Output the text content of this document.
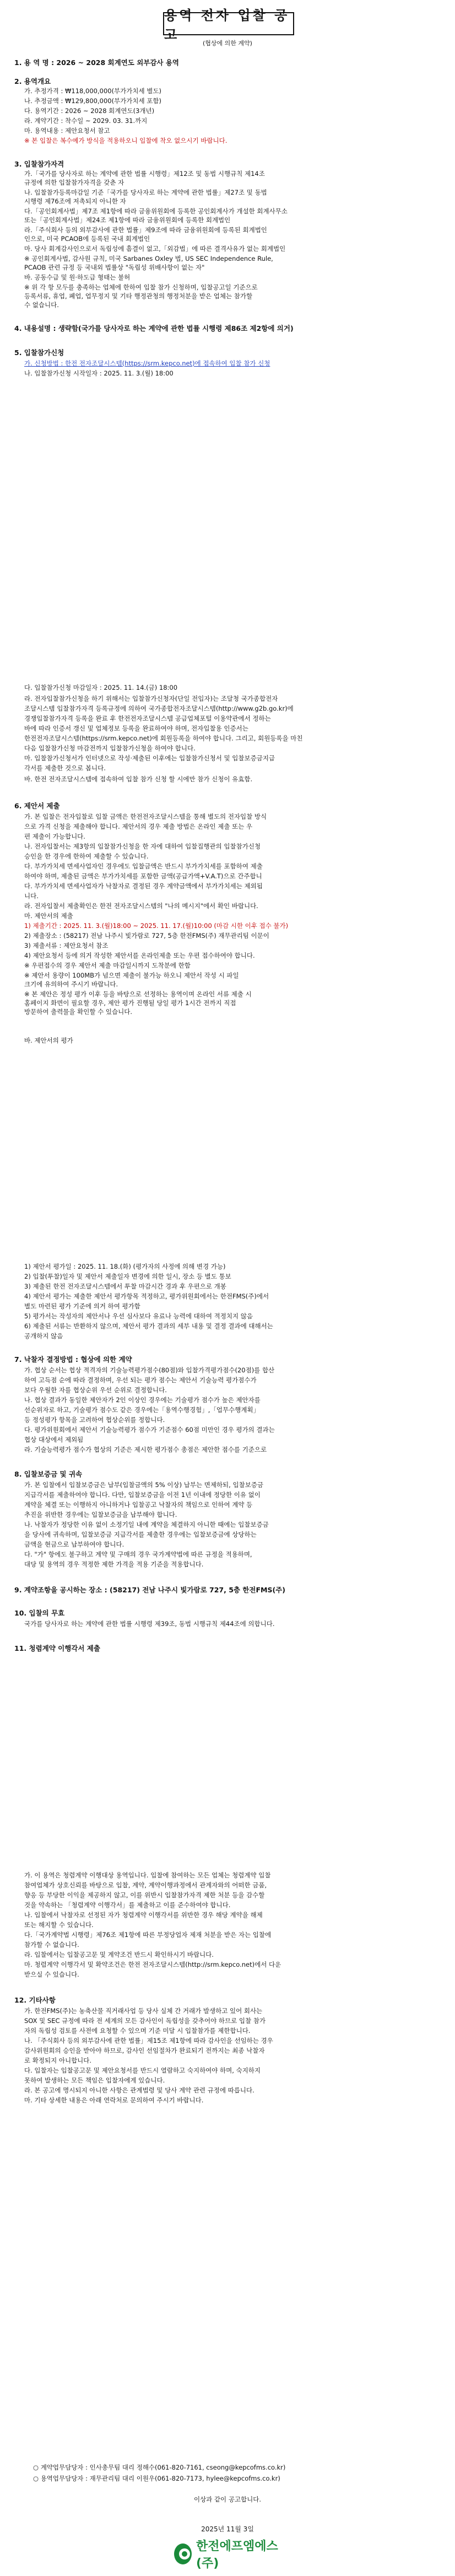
용역 전자 입찰 공고
(협상에 의한 계약)
1. 용 역 명 : 2026 ~ 2028 회계연도 외부감사 용역
2. 용역개요
가. 추정가격 : ₩118,000,000(부가가치세 별도)
나. 추정금액 : ₩129,800,000(부가가치세 포함)
다. 용역기간 : 2026 ~ 2028 회계연도(3개년)
라. 계약기간 : 착수일 ~ 2029. 03. 31.까지
마. 용역내용 : 제안요청서 참고
※ 본 입찰은 복수예가 방식을 적용하오니 입찰에 착오 없으시기 바랍니다.
3. 입찰참가자격
가.「국가를 당사자로 하는 계약에 관한 법률 시행령」제12조 및 동법 시행규칙 제14조
규정에 의한 입찰참가자격을 갖춘 자
나. 입찰참가등록마감일 기준「국가를 당사자로 하는 계약에 관한 법률」제27조 및 동법
시행령 제76조에 저촉되지 아니한 자
다.「공인회계사법」제7조 제1항에 따라 금융위원회에 등록한 공인회계사가 개설한 회계사무소
또는「공인회계사법」제24조 제1항에 따라 금융위원회에 등록한 회계법인
라.「주식회사 등의 외부감사에 관한 법률」제9조에 따라 금융위원회에 등록된 회계법인
인으로, 미국 PCAOB에 등록된 국내 회계법인
마. 당사 회계감사인으로서 독립성에 흠결이 없고,「외감법」에 따른 결격사유가 없는 회계법인
※ 공인회계사법, 감사원 규칙, 미국 Sarbanes Oxley 법, US SEC Independence Rule,
PCAOB 관련 규정 등 국내외 법률상 "독립성 위배사항이 없는 자"
바. 공동수급 및 원·하도급 형태는 불허
※ 위 각 항 모두를 충족하는 업체에 한하여 입찰 참가 신청하며, 입찰공고일 기준으로
등록서류, 휴업, 폐업, 업무정지 및 기타 행정관청의 행정처분을 받은 업체는 참가할
수 없습니다.
4. 내용설명 : 생략함(국가를 당사자로 하는 계약에 관한 법률 시행령 제86조 제2항에 의거)
5. 입찰참가신청
가. 신청방법 : 한전 전자조달시스템(https://srm.kepco.net)에 접속하여 입찰 참가 신청
나. 입찰참가신청 시작일자 : 2025. 11. 3.(월) 18:00
다. 입찰참가신청 마감일자 : 2025. 11. 14.(금) 18:00
라. 전자입찰참가신청을 하기 위해서는 입찰참가신청자(단일 전입자)는 조달청 국가종합전자
조달시스템 입찰참가자격 등록규정에 의하여 국가종합전자조달시스템(http://www.g2b.go.kr)에
경쟁입찰참가자격 등록을 완료 후 한전전자조달시스템 공급업체포털 이용약관에서 정하는
바에 따라 인증서 갱신 및 업체정보 등록을 완료하여야 하며, 전자입찰용 인증서는
한전전자조달시스템(https://srm.kepco.net)에 회원등록을 하여야 합니다. 그리고, 회원등록을 마친
다음 입찰참가신청 마감전까지 입찰참가신청을 하여야 합니다.
마. 입찰참가신청서가 인터넷으로 작성·제출된 이후에는 입찰참가신청서 및 입찰보증금지급
각서를 제출한 것으로 봅니다.
바. 한전 전자조달시스템에 접속하여 입찰 참가 신청 할 시에만 참가 신청이 유효함.
6. 제안서 제출
가. 본 입찰은 전자입찰로 입찰 금액은 한전전자조달시스템을 통해 별도의 전자입찰 방식
으로 가격 신청을 제출해야 합니다. 제안서의 경우 제출 방법은 온라인 제출 또는 우
편 제출이 가능합니다.
나. 전자입찰서는 제3항의 입찰참가신청을 한 자에 대하여 입찰집행관의 입찰참가신청
승인을 한 경우에 한하여 제출할 수 있습니다.
다. 부가가치세 면세사업자인 경우에도 입찰금액은 반드시 부가가치세를 포함하여 제출
하여야 하며, 제출된 금액은 부가가치세를 포함한 금액(공급가액+V.A.T)으로 간주합니
다. 부가가치세 면세사업자가 낙찰자로 결정된 경우 계약금액에서 부가가치세는 제외됩
니다.
라. 전자입찰서 제출확인은 한전 전자조달시스템의 "나의 메시지"에서 확인 바랍니다.
마. 제안서의 제출
1) 제출기간 : 2025. 11. 3.(월)18:00 ~ 2025. 11. 17.(월)10:00 (마감 시한 이후 접수 불가)
2) 제출장소 : (58217) 전남 나주시 빛가람로 727, 5층 한전FMS(주) 재무관리팀 이문이
3) 제출서류 : 제안요청서 참조
4) 제안요청서 등에 의거 작성한 제안서를 온라인제출 또는 우편 접수하여야 합니다.
※ 우편접수의 경우 제안서 제출 마감일시까지 도착분에 한함
※ 제안서 용량이 100MB가 넘으면 제출이 불가능 하오니 제안서 작성 시 파일
크기에 유의하여 주시기 바랍니다.
※ 본 제안은 정성 평가 이후 등을 바탕으로 선정하는 용역이며 온라인 서류 제출 시
홈페이지 화면이 필요할 경우, 제안 평가 진행될 당일 평가 1시간 전까지 직접
방문하여 출력물을 확인할 수 있습니다.
바. 제안서의 평가
1) 제안서 평가일 : 2025. 11. 18.(화) (평가자의 사정에 의해 변경 가능)
2) 입찰(투찰)일자 및 제안서 제출일자 변경에 의한 일시, 장소 등 별도 통보
3) 제출된 한전 전자조달시스템에서 투찰 마감시간 경과 후 우편으로 개봉
4) 제안서 평가는 제출한 제안서 평가항목 적정하고, 평가위원회에서는 한전FMS(주)에서
별도 마련된 평가 기준에 의거 하여 평가함
5) 평가서는 작성자의 제안서나 우선 심사보다 유료나 능력에 대하여 적정치지 않음
6) 제출된 서류는 반환하지 않으며, 제안서 평가 결과의 세부 내용 및 결정 결과에 대해서는
공개하지 않음
7. 낙찰자 결정방법 : 협상에 의한 계약
가. 협상 순서는 협상 적격자의 기술능력평가점수(80점)와 입찰가격평가점수(20점)를 합산
하여 고득점 순에 따라 결정하며, 우선 되는 평가 점수는 제안서 기술능력 평가점수가
보다 우월한 자를 협상순위 우선 순위로 결정합니다.
나. 협상 결과가 동일한 제안자가 2인 이상인 경우에는 기술평가 점수가 높은 제안자를
선순위자로 하고, 기술평가 점수도 같은 경우에는「용역수행경험」,「업무수행계획」
등 정성평가 항목을 고려하여 협상순위를 정합니다.
다. 평가위원회에서 제안서 기술능력평가 점수가 기준점수 60점 미만인 경우 평가의 결과는
협상 대상에서 제외됨
라. 기술능력평가 점수가 협상의 기준은 제시한 평가점수 총점은 제안한 점수를 기준으로
8. 입찰보증금 및 귀속
가. 본 입찰에서 입찰보증금은 납부(입찰금액의 5% 이상) 납부는 면제하되, 입찰보증금
지급각서를 제출하여야 합니다. 다만, 입찰보증금을 이전 1년 이내에 정당한 이유 없이
계약을 체결 또는 이행하지 아니하거나 입찰공고 낙찰자의 책임으로 인하여 계약 등
추진을 위반한 경우에는 입찰보증금을 납부해야 합니다.
나. 낙찰자가 정당한 이유 없이 소정기일 내에 계약을 체결하지 아니한 때에는 입찰보증금
을 당사에 귀속하며, 입찰보증금 지급각서를 제출한 경우에는 입찰보증금에 상당하는
금액을 현금으로 납부하여야 합니다.
다. "가" 항에도 불구하고 계약 및 구매의 경우 국가계약법에 따른 규정을 적용하며,
대당 및 용역의 경우 적정한 제한 가격을 적용 기준을 적용합니다.
9. 계약조항을 공시하는 장소 : (58217) 전남 나주시 빛가람로 727, 5층 한전FMS(주)
10. 입찰의 무효
국가를 당사자로 하는 계약에 관한 법률 시행령 제39조, 동법 시행규칙 제44조에 의합니다.
11. 청렴계약 이행각서 제출
가. 이 용역은 청렴계약 이행대상 용역입니다. 입찰에 참여하는 모든 업체는 청렴계약 입찰
참여업체가 상호신뢰를 바탕으로 입찰, 계약, 계약이행과정에서 관계자와의 어떠한 금품,
향응 등 부당한 이익을 제공하지 않고, 이를 위반시 입찰참가자격 제한 처분 등을 감수할
것을 약속하는 「청렴계약 이행각서」를 제출하고 이를 준수하여야 합니다.
나. 입찰에서 낙찰자로 선정된 자가 청렴계약 이행각서를 위반한 경우 해당 계약을 해제
또는 해지할 수 있습니다.
다.「국가계약법 시행령」제76조 제1항에 따른 부정당업자 제재 처분을 받은 자는 입찰에
참가할 수 없습니다.
라. 입찰에서는 입찰공고문 및 계약조건 반드시 확인하시기 바랍니다.
마. 청렴계약 이행각서 및 확약조건은 한전 전자조달시스템(http://srm.kepco.net)에서 다운
받으실 수 있습니다.
12. 기타사항
가. 한전FMS(주)는 농축산물 직거래사업 등 당사 실체 간 거래가 발생하고 있어 회사는
SOX 및 SEC 규정에 따라 전 세계의 모든 감사인이 독립성을 갖추어야 하므로 입찰 참가
자의 독립성 검토를 사전에 요청할 수 있으며 기준 미달 시 입찰참가를 제한합니다.
나. 「주식회사 등의 외부감사에 관한 법률」제15조 제1항에 따라 감사인을 선임하는 경우
감사위원회의 승인을 받아야 하므로, 감사인 선임절차가 완료되기 전까지는 최종 낙찰자
로 확정되지 아니합니다.
다. 입찰자는 입찰공고문 및 제안요청서를 반드시 열람하고 숙지하여야 하며, 숙지하지
못하여 발생하는 모든 책임은 입찰자에게 있습니다.
라. 본 공고에 명시되지 아니한 사항은 관계법령 및 당사 계약 관련 규정에 따릅니다.
마. 기타 상세한 내용은 아래 연락처로 문의하여 주시기 바랍니다.
○ 계약업무담당자 : 인사총무팀 대리 정해수(061-820-7161, cseong@kepcofms.co.kr)
○ 용역업무담당자 : 재무관리팀 대리 이원우(061-820-7173, hylee@kepcofms.co.kr)
이상과 같이 공고합니다.
2025년 11월 3일
한전에프엠에스(주)
